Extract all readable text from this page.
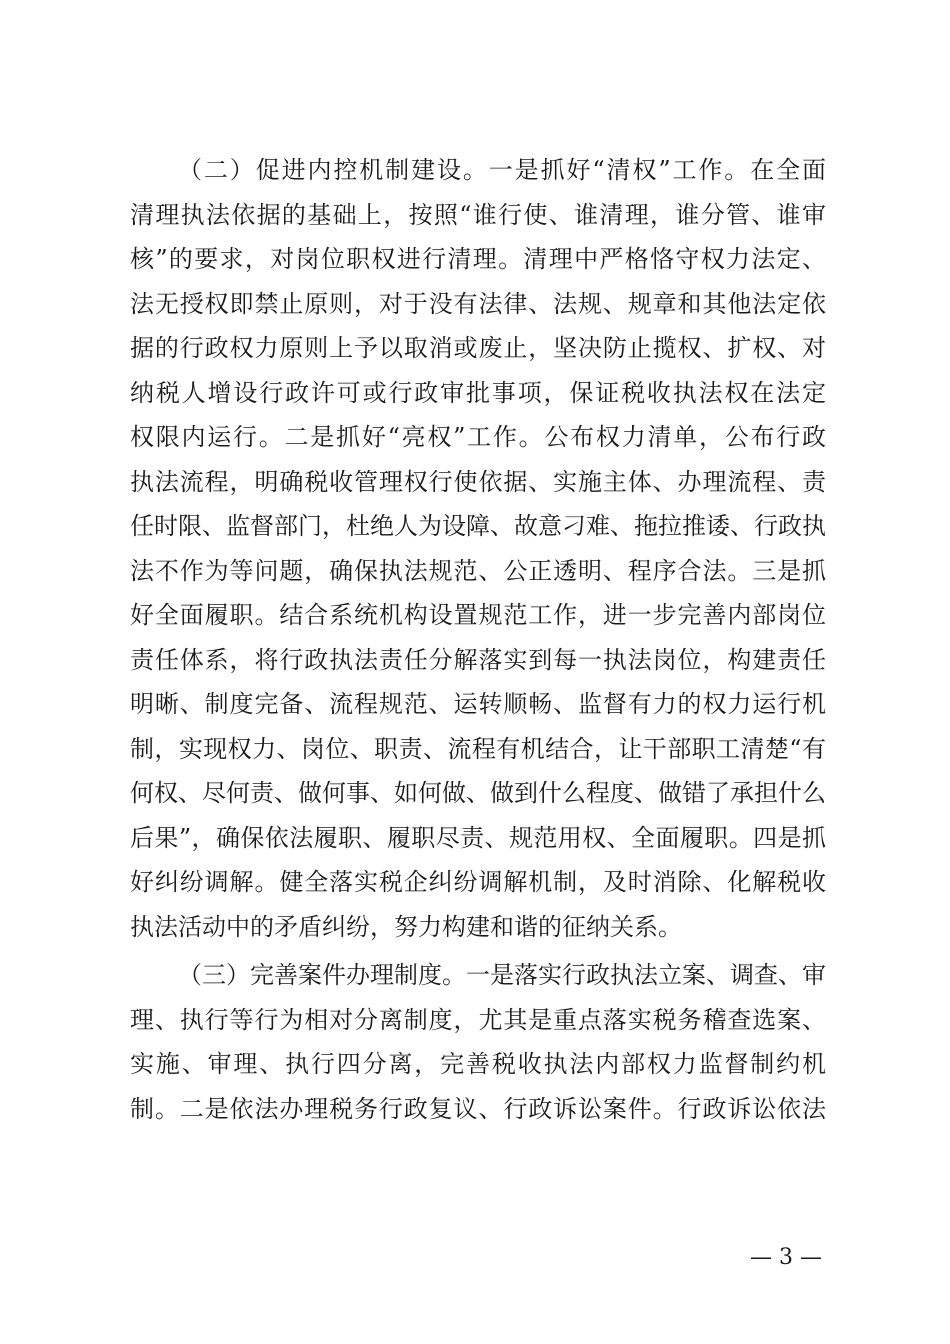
（二）促进内控机制建设。一是抓好“清权”工作。在全面
清理执法依据的基础上，按照“谁行使、谁清理，谁分管、谁审
核”的要求，对岗位职权进行清理。清理中严格恪守权力法定、
法无授权即禁止原则，对于没有法律、法规、规章和其他法定依
据的行政权力原则上予以取消或废止，坚决防止揽权、扩权、对
纳税人增设行政许可或行政审批事项，保证税收执法权在法定
权限内运行。二是抓好“亮权”工作。公布权力清单，公布行政
执法流程，明确税收管理权行使依据、实施主体、办理流程、责
任时限、监督部门，杜绝人为设障、故意刁难、拖拉推诿、行政执
法不作为等问题，确保执法规范、公正透明、程序合法。三是抓
好全面履职。结合系统机构设置规范工作，进一步完善内部岗位
责任体系，将行政执法责任分解落实到每一执法岗位，构建责任
明晰、制度完备、流程规范、运转顺畅、监督有力的权力运行机
制，实现权力、岗位、职责、流程有机结合，让干部职工清楚“有
何权、尽何责、做何事、如何做、做到什么程度、做错了承担什么
后果”，确保依法履职、履职尽责、规范用权、全面履职。四是抓
好纠纷调解。健全落实税企纠纷调解机制，及时消除、化解税收
执法活动中的矛盾纠纷，努力构建和谐的征纳关系。
（三）完善案件办理制度。一是落实行政执法立案、调查、审
理、执行等行为相对分离制度，尤其是重点落实税务稽查选案、
实施、审理、执行四分离，完善税收执法内部权力监督制约机
制。二是依法办理税务行政复议、行政诉讼案件。行政诉讼依法
— 3 —
